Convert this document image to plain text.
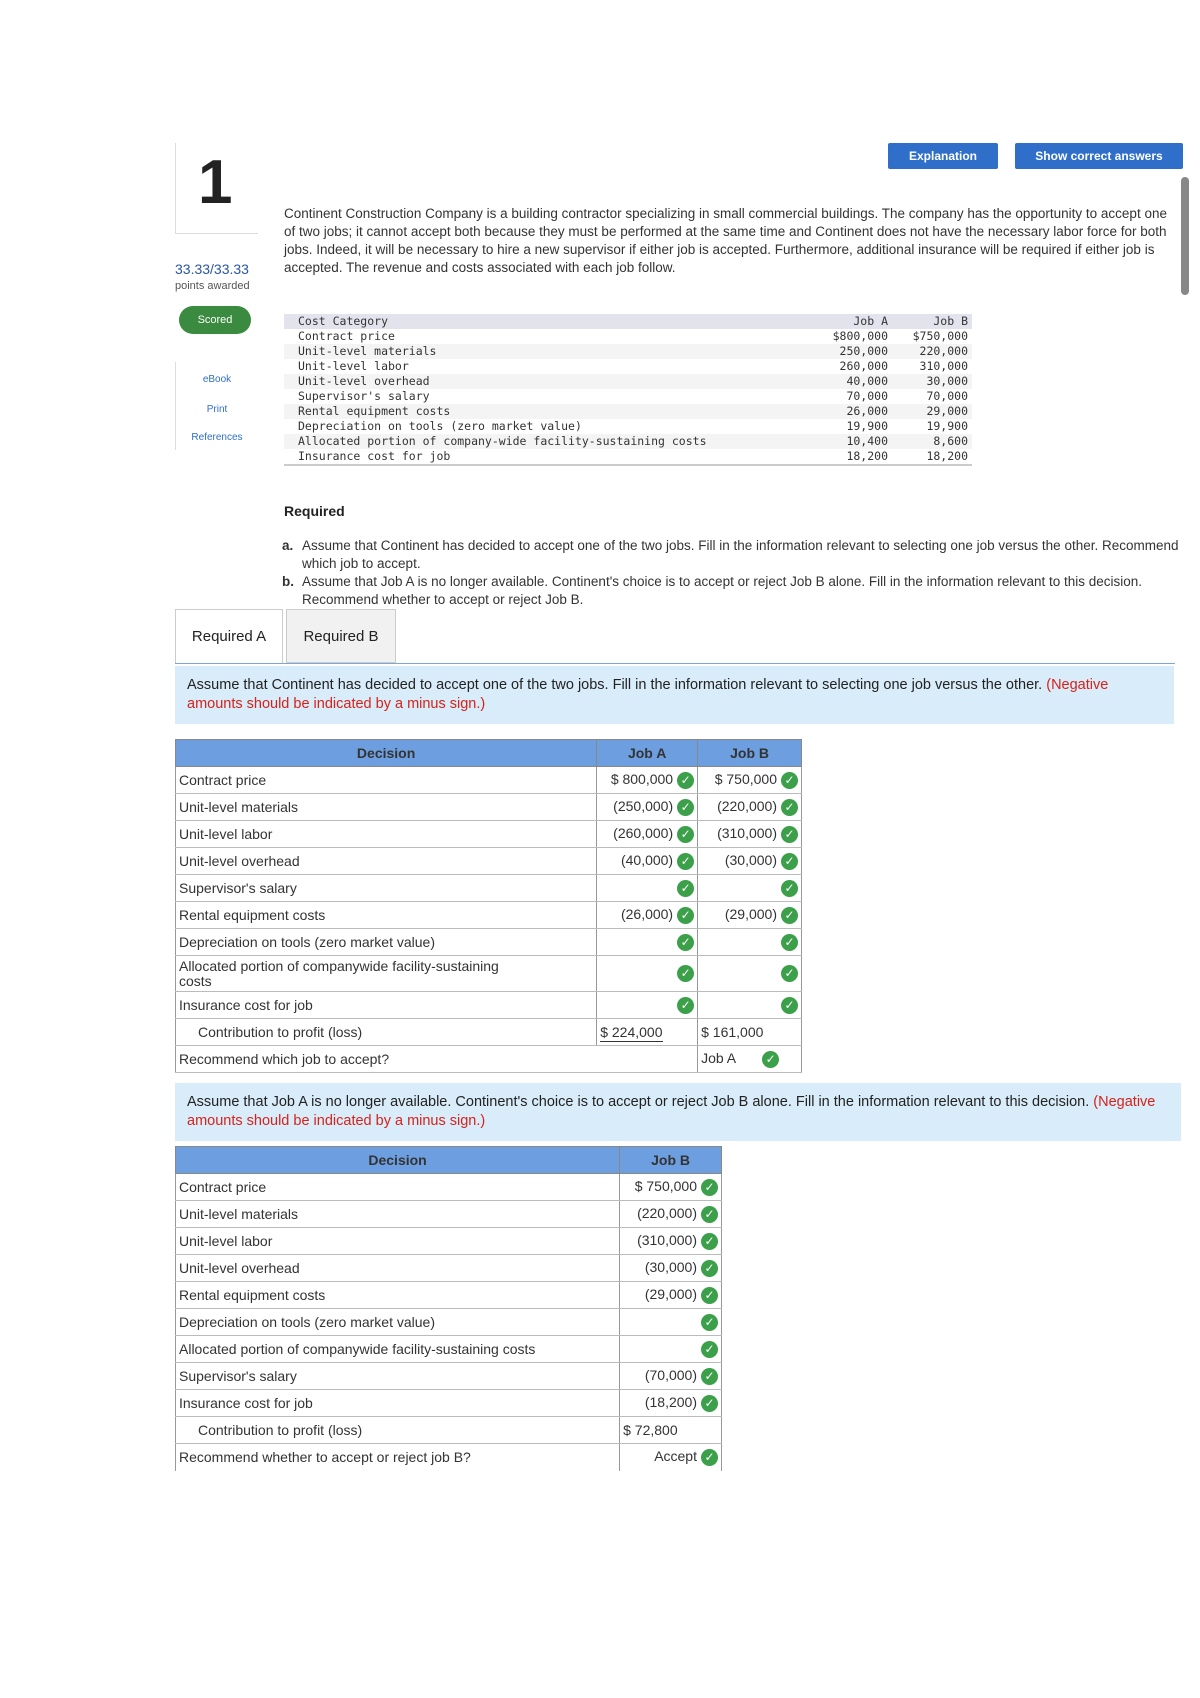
Explanation	Show correct answers
1
33.33/33.33
points awarded
Scored
eBook
Print
References
Continent Construction Company is a building contractor specializing in small commercial buildings. The company has the opportunity to accept one of two jobs; it cannot accept both because they must be performed at the same time and Continent does not have the necessary labor force for both jobs. Indeed, it will be necessary to hire a new supervisor if either job is accepted. Furthermore, additional insurance will be required if either job is accepted. The revenue and costs associated with each job follow.
Cost Category	Job A	Job B
Contract price	$800,000	$750,000
Unit-level materials	250,000	220,000
Unit-level labor	260,000	310,000
Unit-level overhead	40,000	30,000
Supervisor's salary	70,000	70,000
Rental equipment costs	26,000	29,000
Depreciation on tools (zero market value)	19,900	19,900
Allocated portion of company-wide facility-sustaining costs	10,400	8,600
Insurance cost for job	18,200	18,200
Required
a. Assume that Continent has decided to accept one of the two jobs. Fill in the information relevant to selecting one job versus the other. Recommend which job to accept.
b. Assume that Job A is no longer available. Continent's choice is to accept or reject Job B alone. Fill in the information relevant to this decision. Recommend whether to accept or reject Job B.
Required A	Required B
Assume that Continent has decided to accept one of the two jobs. Fill in the information relevant to selecting one job versus the other. (Negative amounts should be indicated by a minus sign.)
Decision	Job A	Job B
Contract price	$ 800,000 ✓	$ 750,000 ✓
Unit-level materials	(250,000) ✓	(220,000) ✓
Unit-level labor	(260,000) ✓	(310,000) ✓
Unit-level overhead	(40,000) ✓	(30,000) ✓
Supervisor's salary	✓	✓
Rental equipment costs	(26,000) ✓	(29,000) ✓
Depreciation on tools (zero market value)	✓	✓

Allocated portion of companywide facility-sustaining
costs	✓	✓
Insurance cost for job	✓	✓
Contribution to profit (loss)	$ 224,000	$ 161,000
Recommend which job to accept?		Job A ✓
Assume that Job A is no longer available. Continent's choice is to accept or reject Job B alone. Fill in the information relevant to this decision. (Negative amounts should be indicated by a minus sign.)
Decision	Job B
Contract price	$ 750,000 ✓
Unit-level materials	(220,000) ✓
Unit-level labor	(310,000) ✓
Unit-level overhead	(30,000) ✓
Rental equipment costs	(29,000) ✓
Depreciation on tools (zero market value)	✓
Allocated portion of companywide facility-sustaining costs	✓
Supervisor's salary	(70,000) ✓
Insurance cost for job	(18,200) ✓
Contribution to profit (loss)	$ 72,800
Recommend whether to accept or reject job B?	Accept ✓
